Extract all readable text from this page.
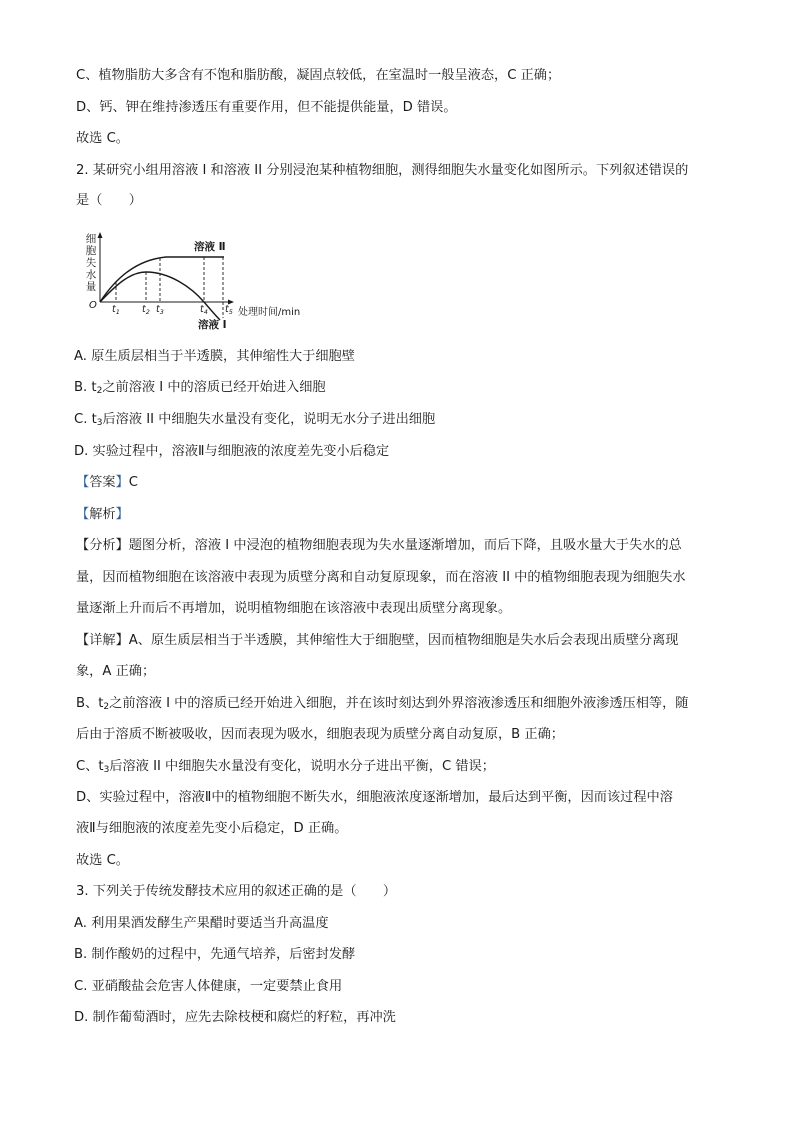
C、植物脂肪大多含有不饱和脂肪酸，凝固点较低，在室温时一般呈液态，C 正确；
D、钙、钾在维持渗透压有重要作用，但不能提供能量，D 错误。
故选 C。
2. 某研究小组用溶液 I 和溶液 II 分别浸泡某种植物细胞，测得细胞失水量变化如图所示。下列叙述错误的
是（　　）
细
胞
失
水
量
O
处理时间/min
$t_1$ $t_2$ $t_3$	$t_4$ $t_5$
溶液 Ⅱ
溶液 Ⅰ
A. 原生质层相当于半透膜，其伸缩性大于细胞壁
B. $t_2$之前溶液 I 中的溶质已经开始进入细胞
C. $t_3$后溶液 II 中细胞失水量没有变化，说明无水分子进出细胞
D. 实验过程中，溶液Ⅱ与细胞液的浓度差先变小后稳定
【答案】C
【解析】
【分析】题图分析，溶液 I 中浸泡的植物细胞表现为失水量逐渐增加，而后下降，且吸水量大于失水的总
量，因而植物细胞在该溶液中表现为质壁分离和自动复原现象，而在溶液 II 中的植物细胞表现为细胞失水
量逐渐上升而后不再增加，说明植物细胞在该溶液中表现出质壁分离现象。
【详解】A、原生质层相当于半透膜，其伸缩性大于细胞壁，因而植物细胞是失水后会表现出质壁分离现
象，A 正确；
B、$t_2$之前溶液 I 中的溶质已经开始进入细胞，并在该时刻达到外界溶液渗透压和细胞外液渗透压相等，随
后由于溶质不断被吸收，因而表现为吸水，细胞表现为质壁分离自动复原，B 正确；
C、$t_3$后溶液 II 中细胞失水量没有变化，说明水分子进出平衡，C 错误；
D、实验过程中，溶液Ⅱ中的植物细胞不断失水，细胞液浓度逐渐增加，最后达到平衡，因而该过程中溶
液Ⅱ与细胞液的浓度差先变小后稳定，D 正确。
故选 C。
3. 下列关于传统发酵技术应用的叙述正确的是（　　）
A. 利用果酒发酵生产果醋时要适当升高温度
B. 制作酸奶的过程中，先通气培养，后密封发酵
C. 亚硝酸盐会危害人体健康，一定要禁止食用
D. 制作葡萄酒时，应先去除枝梗和腐烂的籽粒，再冲洗
